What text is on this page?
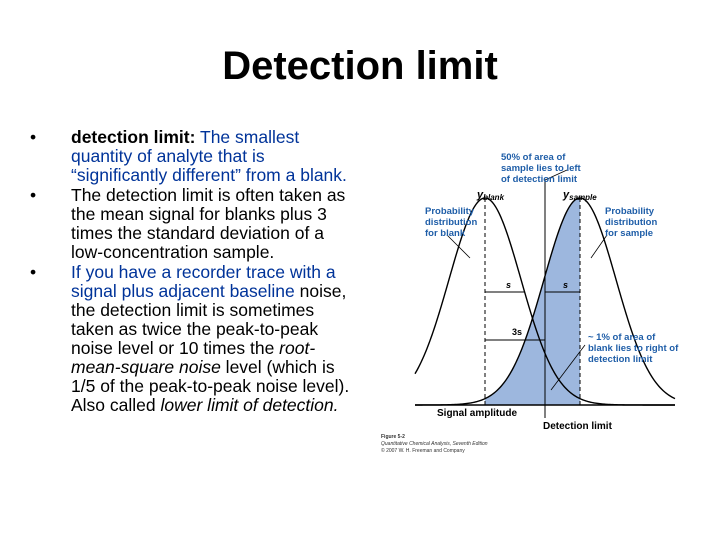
Detection limit
• detection limit: The smallest quantity of analyte that is “significantly different” from a blank.
• The detection limit is often taken as the mean signal for blanks plus 3 times the standard deviation of a low-concentration sample.
• If you have a recorder trace with a signal plus adjacent baseline noise, the detection limit is sometimes taken as twice the peak-to-peak noise level or 10 times the root-mean-square noise level (which is 1/5 of the peak-to-peak noise level). Also called lower limit of detection.
50% of area of sample lies to left of detection limit
yblank	ysample
Probability distribution for blank
Probability distribution for sample
s	s
3s	~ 1% of area of blank lies to right of detection limit
Signal amplitude
Detection limit
Figure 5-2 Quantitative Chemical Analysis, Seventh Edition © 2007 W. H. Freeman and Company
